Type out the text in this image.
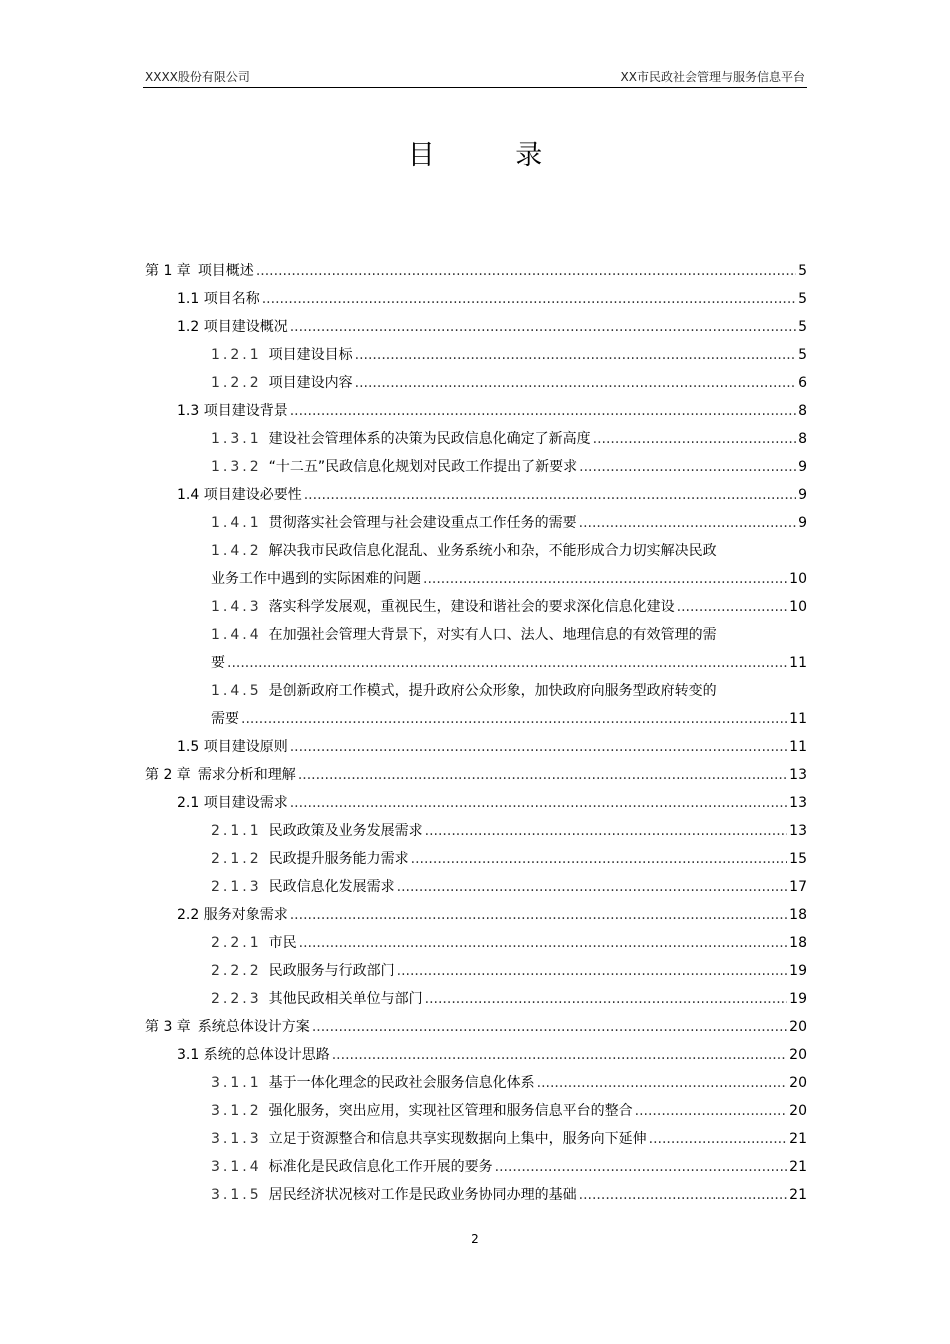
XXXX股份有限公司	XX市民政社会管理与服务信息平台
目 录
第 1 章  项目概述 .....	5
1.1 项目名称 .....	5
1.2 项目建设概况 .....	5
1.2.1  项目建设目标 .....	5
1.2.2  项目建设内容 .....	6
1.3 项目建设背景 .....	8
1.3.1  建设社会管理体系的决策为民政信息化确定了新高度 .....	8
1.3.2  “十二五”民政信息化规划对民政工作提出了新要求 .....	9
1.4 项目建设必要性 .....	9
1.4.1  贯彻落实社会管理与社会建设重点工作任务的需要 .....	9
1.4.2  解决我市民政信息化混乱、业务系统小和杂，不能形成合力切实解决民政
业务工作中遇到的实际困难的问题 .....	10
1.4.3  落实科学发展观，重视民生，建设和谐社会的要求深化信息化建设 .....	10
1.4.4  在加强社会管理大背景下，对实有人口、法人、地理信息的有效管理的需
要 .....	11
1.4.5  是创新政府工作模式，提升政府公众形象，加快政府向服务型政府转变的
需要 .....	11
1.5 项目建设原则 .....	11
第 2 章  需求分析和理解 .....	13
2.1 项目建设需求 .....	13
2.1.1  民政政策及业务发展需求 .....	13
2.1.2  民政提升服务能力需求 .....	15
2.1.3  民政信息化发展需求 .....	17
2.2 服务对象需求 .....	18
2.2.1  市民 .....	18
2.2.2  民政服务与行政部门 .....	19
2.2.3  其他民政相关单位与部门 .....	19
第 3 章  系统总体设计方案 .....	20
3.1 系统的总体设计思路 .....	20
3.1.1  基于一体化理念的民政社会服务信息化体系 .....	20
3.1.2  强化服务，突出应用，实现社区管理和服务信息平台的整合 .....	20
3.1.3  立足于资源整合和信息共享实现数据向上集中，服务向下延伸 .....	21
3.1.4  标准化是民政信息化工作开展的要务 .....	21
3.1.5  居民经济状况核对工作是民政业务协同办理的基础 .....	21
2
